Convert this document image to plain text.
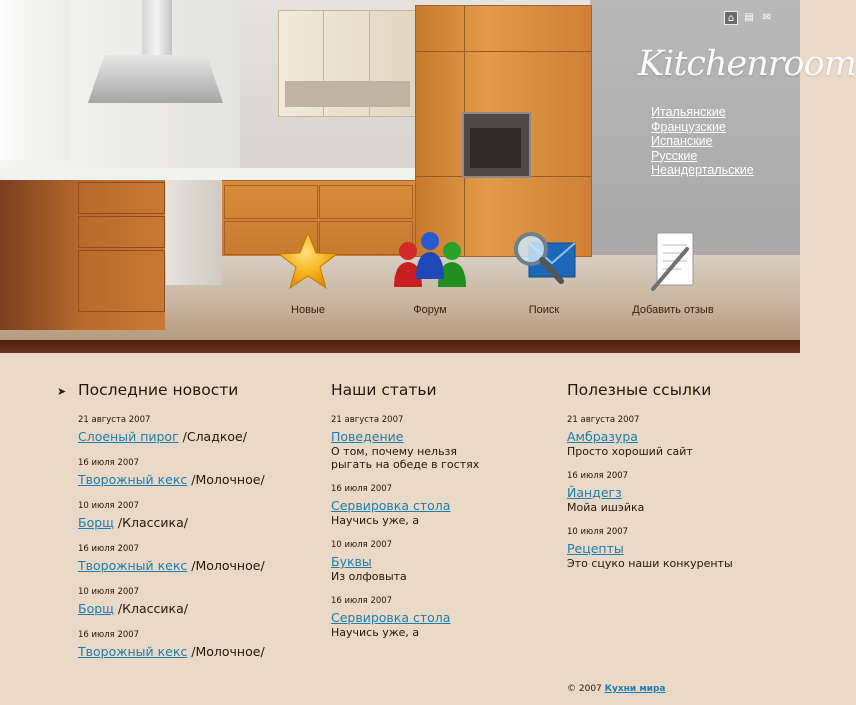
⌂	▤ ✉
Kitchenroom
Итальянские
Французские
Испанские
Русские
Неандертальские
Новые	Форум	Поиск	Добавить отзыв
➤ Последние новости
21 августа 2007
Слоеный пирог /Сладкое/
16 июля 2007
Творожный кекс /Молочное/
10 июля 2007
Борщ /Классика/
16 июля 2007
Творожный кекс /Молочное/
10 июля 2007
Борщ /Классика/
16 июля 2007
Творожный кекс /Молочное/
Наши статьи
21 августа 2007
Поведение
О том, почему нельзя рыгать на обеде в гостях
16 июля 2007
Сервировка стола
Научись уже, а
10 июля 2007
Буквы
Из олфовыта
16 июля 2007
Сервировка стола
Научись уже, а
Полезные ссылки
21 августа 2007
Амбразура
Просто хороший сайт
16 июля 2007
Йандегз
Мойа ишэйка
10 июля 2007
Рецепты
Это сцуко наши конкуренты
© 2007 Кухни мира
